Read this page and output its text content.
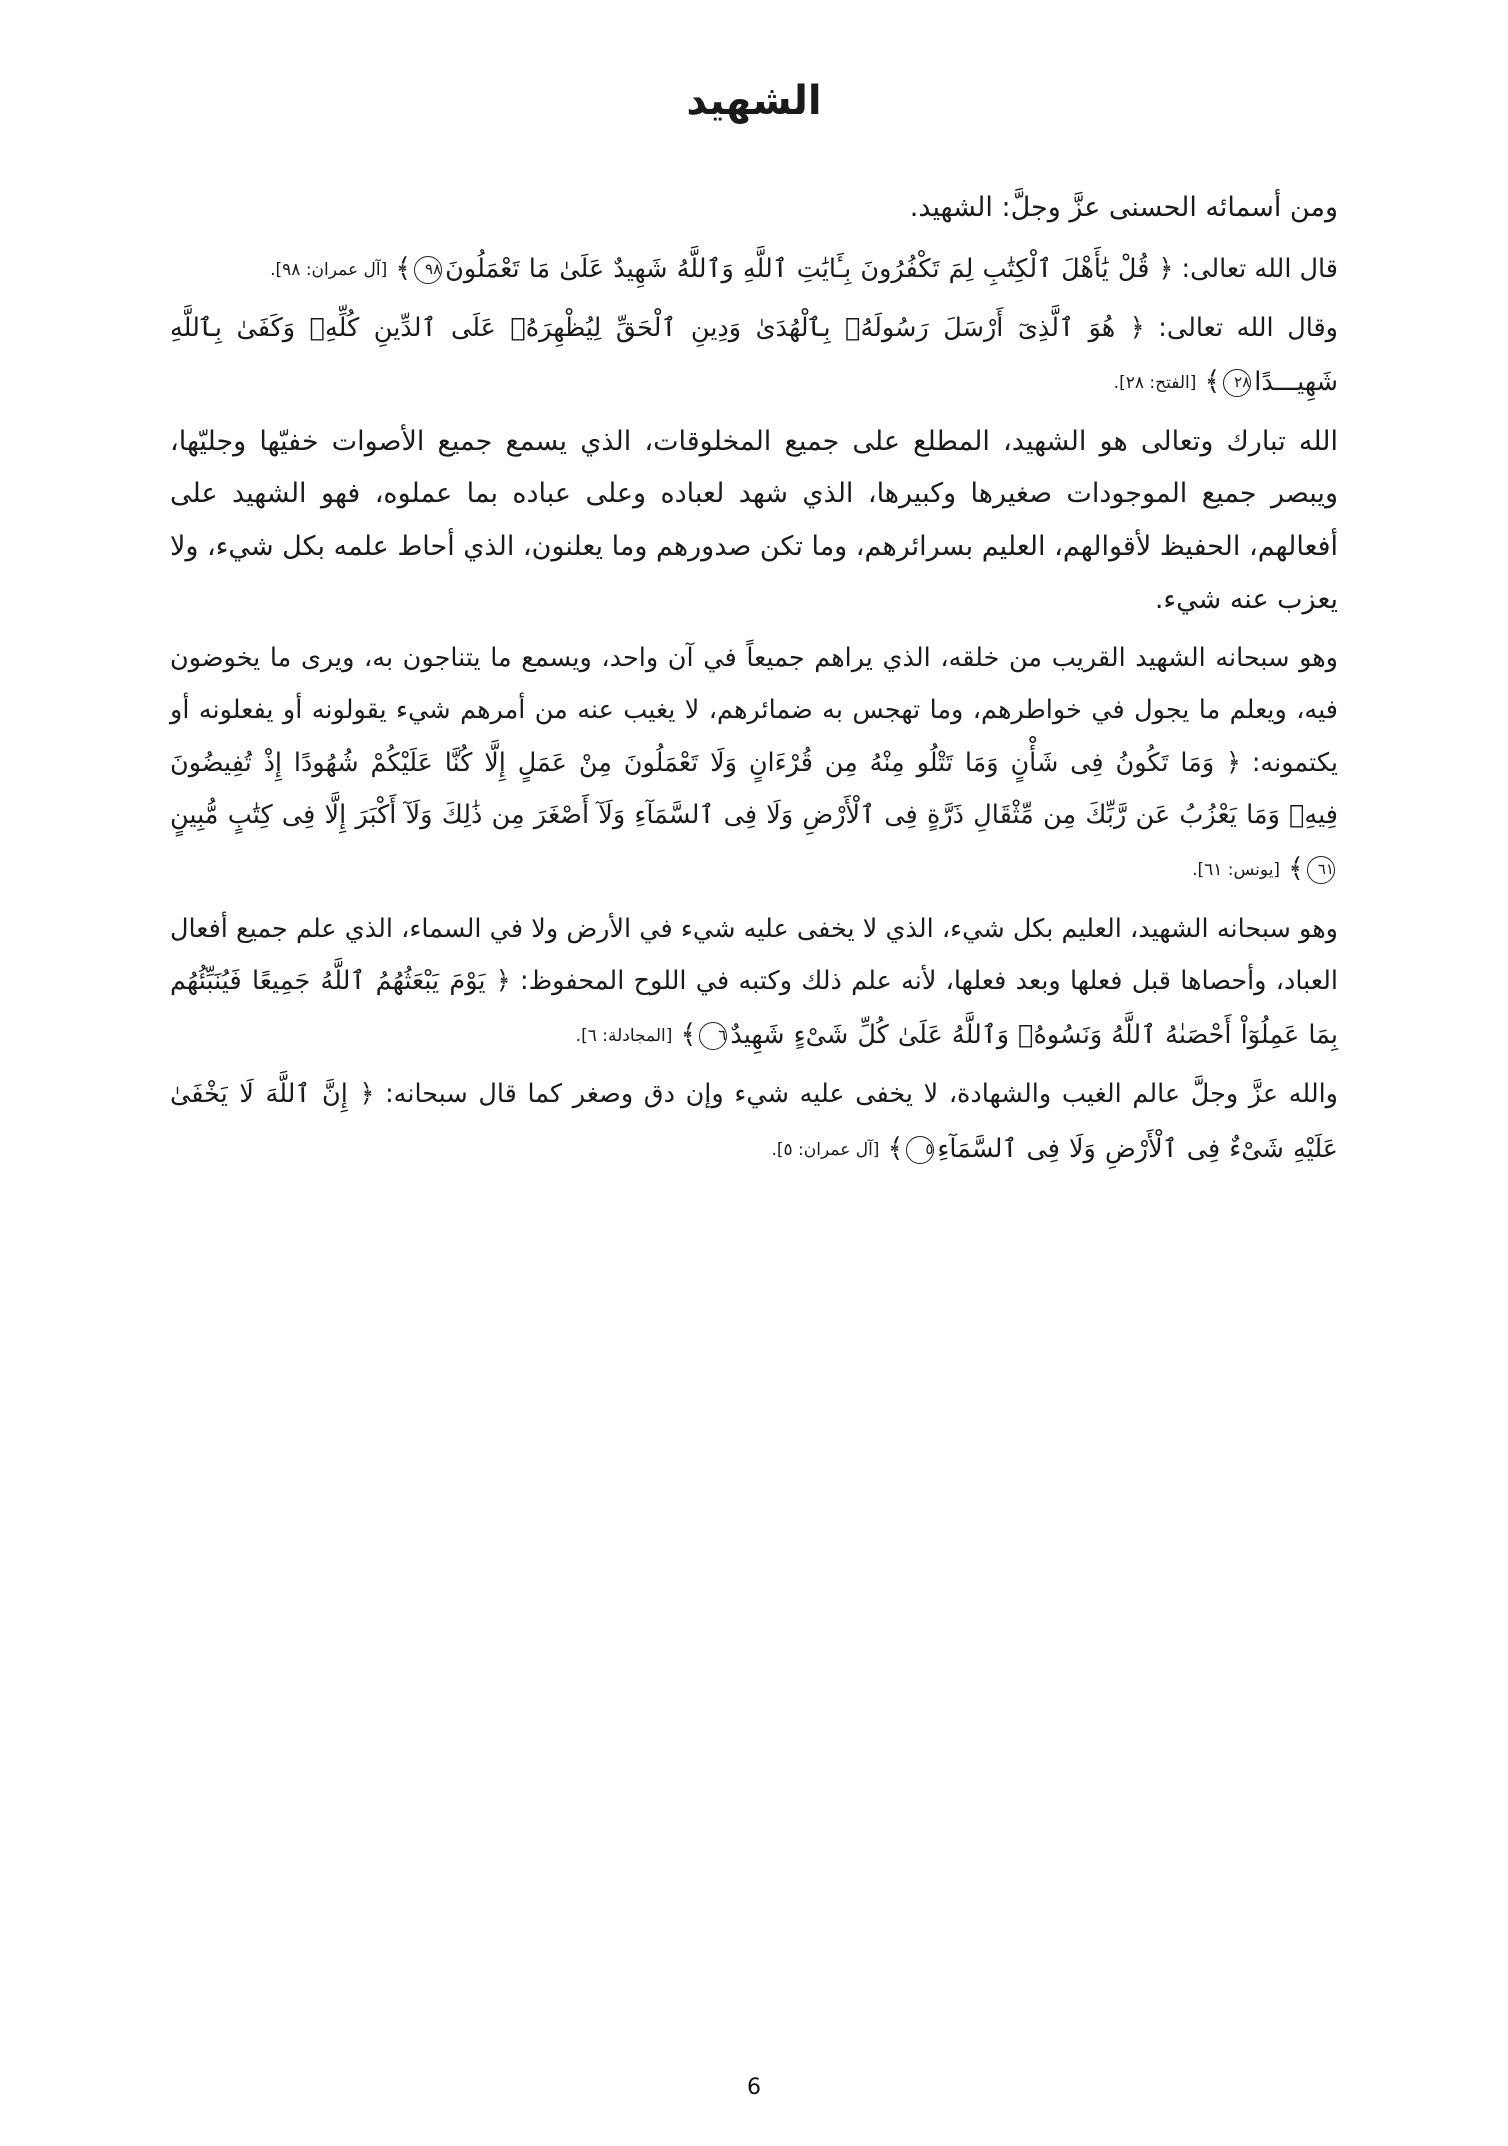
الشهيد

ومن أسمائه الحسنى عزَّ وجلَّ: الشهيد.

قال الله تعالى: ﴿ قُلْ يَٰأَهْلَ ٱلْكِتَٰبِ لِمَ تَكْفُرُونَ بِـَٔايَٰتِ ٱللَّهِ وَٱللَّهُ شَهِيدٌ عَلَىٰ مَا تَعْمَلُونَ٩٨﴾ [آل عمران: ٩٨].

وقال الله تعالى: ﴿ هُوَ ٱلَّذِىٓ أَرْسَلَ رَسُولَهُۥ بِٱلْهُدَىٰ وَدِينِ ٱلْحَقِّ لِيُظْهِرَهُۥ عَلَى ٱلدِّينِ كُلِّهِۚ وَكَفَىٰ بِٱللَّهِ شَهِيـــدًا٢٨﴾ [الفتح: ٢٨].

الله تبارك وتعالى هو الشهيد، المطلع على جميع المخلوقات، الذي يسمع جميع الأصوات خفيّها وجليّها، ويبصر جميع الموجودات صغيرها وكبيرها، الذي شهد لعباده وعلى عباده بما عملوه، فهو الشهيد على أفعالهم، الحفيظ لأقوالهم، العليم بسرائرهم، وما تكن صدورهم وما يعلنون، الذي أحاط علمه بكل شيء، ولا يعزب عنه شيء.

وهو سبحانه الشهيد القريب من خلقه، الذي يراهم جميعاً في آن واحد، ويسمع ما يتناجون به، ويرى ما يخوضون فيه، ويعلم ما يجول في خواطرهم، وما تهجس به ضمائرهم، لا يغيب عنه من أمرهم شيء يقولونه أو يفعلونه أو يكتمونه: ﴿ وَمَا تَكُونُ فِى شَأْنٍ وَمَا تَتْلُو مِنْهُ مِن قُرْءَانٍ وَلَا تَعْمَلُونَ مِنْ عَمَلٍ إِلَّا كُنَّا عَلَيْكُمْ شُهُودًا إِذْ تُفِيضُونَ فِيهِۚ وَمَا يَعْزُبُ عَن رَّبِّكَ مِن مِّثْقَالِ ذَرَّةٍ فِى ٱلْأَرْضِ وَلَا فِى ٱلسَّمَآءِ وَلَآ أَصْغَرَ مِن ذَٰلِكَ وَلَآ أَكْبَرَ إِلَّا فِى كِتَٰبٍ مُّبِينٍ٦١﴾ [يونس: ٦١].

وهو سبحانه الشهيد، العليم بكل شيء، الذي لا يخفى عليه شيء في الأرض ولا في السماء، الذي علم جميع أفعال العباد، وأحصاها قبل فعلها وبعد فعلها، لأنه علم ذلك وكتبه في اللوح المحفوظ: ﴿ يَوْمَ يَبْعَثُهُمُ ٱللَّهُ جَمِيعًا فَيُنَبِّئُهُم بِمَا عَمِلُوٓاْ أَحْصَىٰهُ ٱللَّهُ وَنَسُوهُۚ وَٱللَّهُ عَلَىٰ كُلِّ شَىْءٍ شَهِيدٌ٦﴾ [المجادلة: ٦].

والله عزَّ وجلَّ عالم الغيب والشهادة، لا يخفى عليه شيء وإن دق وصغر كما قال سبحانه: ﴿ إِنَّ ٱللَّهَ لَا يَخْفَىٰ عَلَيْهِ شَىْءٌ فِى ٱلْأَرْضِ وَلَا فِى ٱلسَّمَآءِ٥﴾ [آل عمران: ٥].

6
